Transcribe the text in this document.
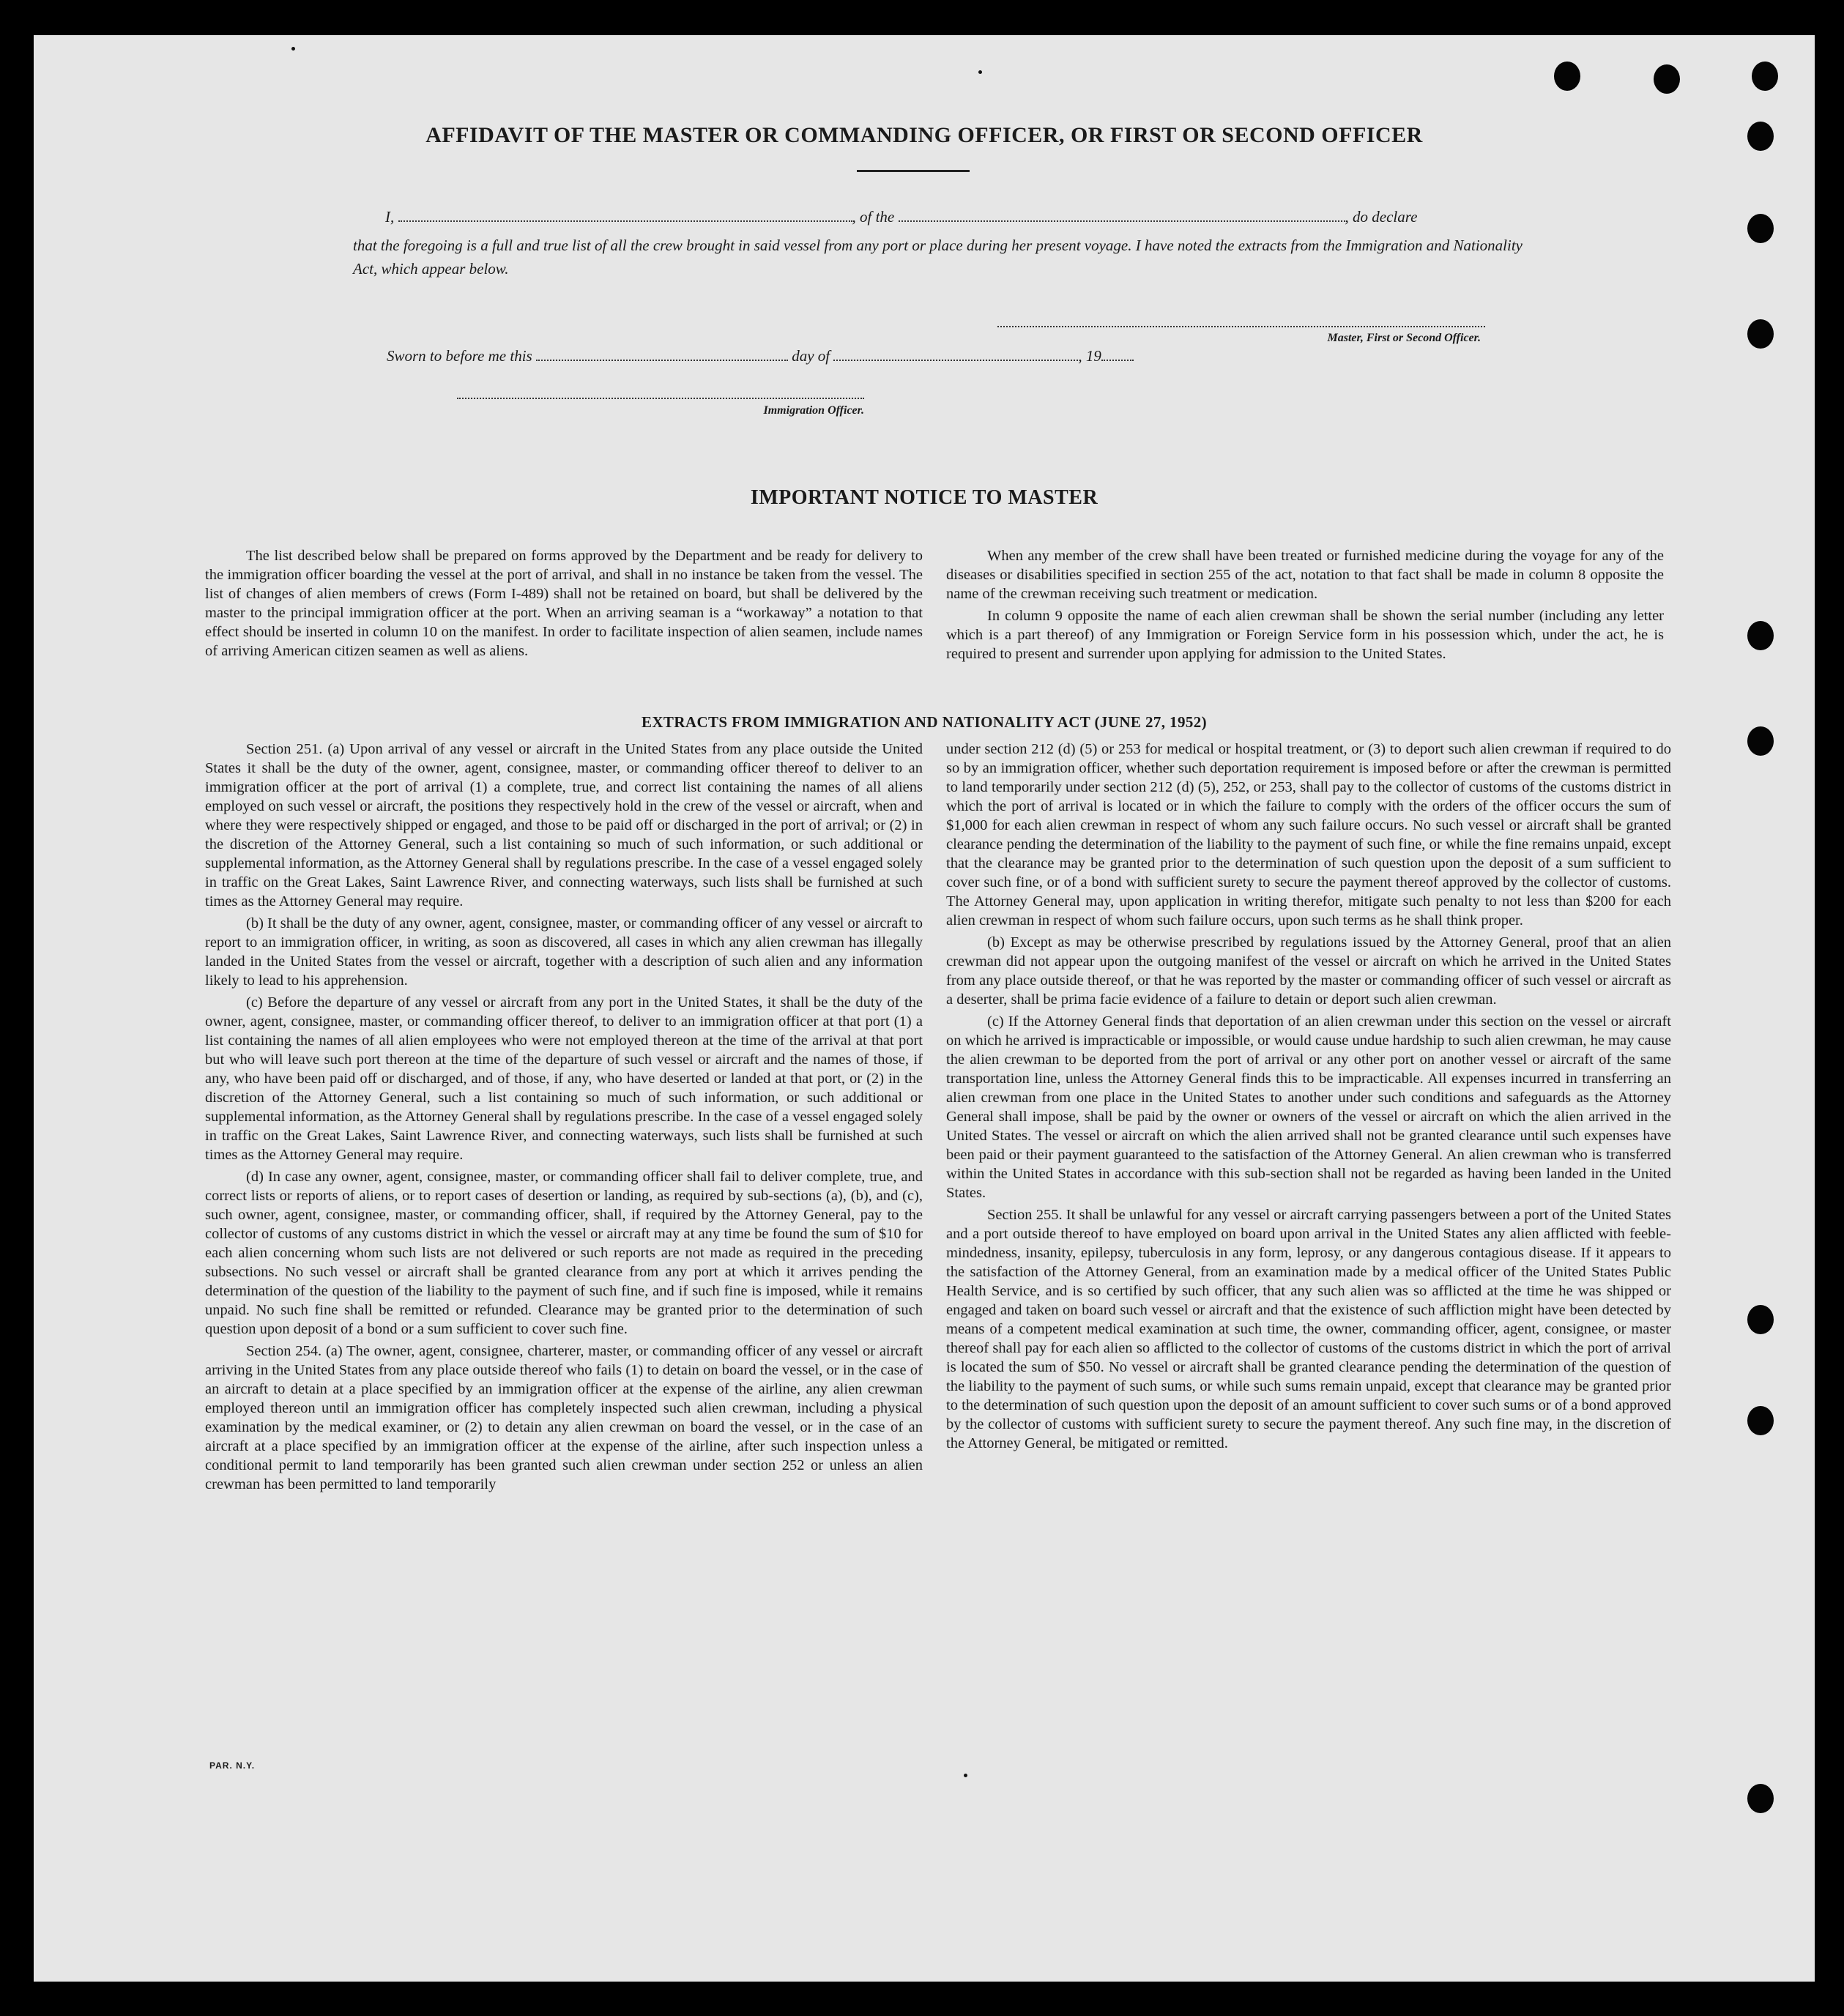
AFFIDAVIT OF THE MASTER OR COMMANDING OFFICER, OR FIRST OR SECOND OFFICER
I,	, of the	, do declare
that the foregoing is a full and true list of all the crew brought in said vessel from any port or place during her present voyage. I have noted the extracts from the Immigration and Nationality Act, which appear below.
Master, First or Second Officer.
Sworn to before me this	day of	, 19
Immigration Officer.
IMPORTANT NOTICE TO MASTER

The list described below shall be prepared on forms approved by the Department and be ready for delivery to the immigration officer boarding the vessel at the port of arrival, and shall in no instance be taken from the vessel. The list of changes of alien members of crews (Form I-489) shall not be retained on board, but shall be delivered by the master to the principal immigration officer at the port. When an arriving seaman is a “workaway” a notation to that effect should be inserted in column 10 on the manifest. In order to facilitate inspection of alien seamen, include names of arriving American citizen seamen as well as aliens.

When any member of the crew shall have been treated or furnished medicine during the voyage for any of the diseases or disabilities specified in section 255 of the act, notation to that fact shall be made in column 8 opposite the name of the crewman receiving such treatment or medication.

In column 9 opposite the name of each alien crewman shall be shown the serial number (including any letter which is a part thereof) of any Immigration or Foreign Service form in his possession which, under the act, he is required to present and surrender upon applying for admission to the United States.

EXTRACTS FROM IMMIGRATION AND NATIONALITY ACT (JUNE 27, 1952)

Section 251. (a) Upon arrival of any vessel or aircraft in the United States from any place outside the United States it shall be the duty of the owner, agent, consignee, master, or commanding officer thereof to deliver to an immigration officer at the port of arrival (1) a complete, true, and correct list containing the names of all aliens employed on such vessel or aircraft, the positions they respectively hold in the crew of the vessel or aircraft, when and where they were respectively shipped or engaged, and those to be paid off or discharged in the port of arrival; or (2) in the discretion of the Attorney General, such a list containing so much of such information, or such additional or supplemental information, as the Attorney General shall by regulations prescribe. In the case of a vessel engaged solely in traffic on the Great Lakes, Saint Lawrence River, and connecting waterways, such lists shall be furnished at such times as the Attorney General may require.

(b) It shall be the duty of any owner, agent, consignee, master, or commanding officer of any vessel or aircraft to report to an immigration officer, in writing, as soon as discovered, all cases in which any alien crewman has illegally landed in the United States from the vessel or aircraft, together with a description of such alien and any information likely to lead to his apprehension.

(c) Before the departure of any vessel or aircraft from any port in the United States, it shall be the duty of the owner, agent, consignee, master, or commanding officer thereof, to deliver to an immigration officer at that port (1) a list containing the names of all alien employees who were not employed thereon at the time of the arrival at that port but who will leave such port thereon at the time of the departure of such vessel or aircraft and the names of those, if any, who have been paid off or discharged, and of those, if any, who have deserted or landed at that port, or (2) in the discretion of the Attorney General, such a list containing so much of such information, or such additional or supplemental information, as the Attorney General shall by regulations prescribe. In the case of a vessel engaged solely in traffic on the Great Lakes, Saint Lawrence River, and connecting waterways, such lists shall be furnished at such times as the Attorney General may require.

(d) In case any owner, agent, consignee, master, or commanding officer shall fail to deliver complete, true, and correct lists or reports of aliens, or to report cases of desertion or landing, as required by sub-sections (a), (b), and (c), such owner, agent, consignee, master, or commanding officer, shall, if required by the Attorney General, pay to the collector of customs of any customs district in which the vessel or aircraft may at any time be found the sum of $10 for each alien concerning whom such lists are not delivered or such reports are not made as required in the preceding subsections. No such vessel or aircraft shall be granted clearance from any port at which it arrives pending the determination of the question of the liability to the payment of such fine, and if such fine is imposed, while it remains unpaid. No such fine shall be remitted or refunded. Clearance may be granted prior to the determination of such question upon deposit of a bond or a sum sufficient to cover such fine.

Section 254. (a) The owner, agent, consignee, charterer, master, or commanding officer of any vessel or aircraft arriving in the United States from any place outside thereof who fails (1) to detain on board the vessel, or in the case of an aircraft to detain at a place specified by an immigration officer at the expense of the airline, any alien crewman employed thereon until an immigration officer has completely inspected such alien crewman, including a physical examination by the medical examiner, or (2) to detain any alien crewman on board the vessel, or in the case of an aircraft at a place specified by an immigration officer at the expense of the airline, after such inspection unless a conditional permit to land temporarily has been granted such alien crewman under section 252 or unless an alien crewman has been permitted to land temporarily

under section 212 (d) (5) or 253 for medical or hospital treatment, or (3) to deport such alien crewman if required to do so by an immigration officer, whether such deportation requirement is imposed before or after the crewman is permitted to land temporarily under section 212 (d) (5), 252, or 253, shall pay to the collector of customs of the customs district in which the port of arrival is located or in which the failure to comply with the orders of the officer occurs the sum of $1,000 for each alien crewman in respect of whom any such failure occurs. No such vessel or aircraft shall be granted clearance pending the determination of the liability to the payment of such fine, or while the fine remains unpaid, except that the clearance may be granted prior to the determination of such question upon the deposit of a sum sufficient to cover such fine, or of a bond with sufficient surety to secure the payment thereof approved by the collector of customs. The Attorney General may, upon application in writing therefor, mitigate such penalty to not less than $200 for each alien crewman in respect of whom such failure occurs, upon such terms as he shall think proper.

(b) Except as may be otherwise prescribed by regulations issued by the Attorney General, proof that an alien crewman did not appear upon the outgoing manifest of the vessel or aircraft on which he arrived in the United States from any place outside thereof, or that he was reported by the master or commanding officer of such vessel or aircraft as a deserter, shall be prima facie evidence of a failure to detain or deport such alien crewman.

(c) If the Attorney General finds that deportation of an alien crewman under this section on the vessel or aircraft on which he arrived is impracticable or impossible, or would cause undue hardship to such alien crewman, he may cause the alien crewman to be deported from the port of arrival or any other port on another vessel or aircraft of the same transportation line, unless the Attorney General finds this to be impracticable. All expenses incurred in transferring an alien crewman from one place in the United States to another under such conditions and safeguards as the Attorney General shall impose, shall be paid by the owner or owners of the vessel or aircraft on which the alien arrived in the United States. The vessel or aircraft on which the alien arrived shall not be granted clearance until such expenses have been paid or their payment guaranteed to the satisfaction of the Attorney General. An alien crewman who is transferred within the United States in accordance with this sub-section shall not be regarded as having been landed in the United States.

Section 255. It shall be unlawful for any vessel or aircraft carrying passengers between a port of the United States and a port outside thereof to have employed on board upon arrival in the United States any alien afflicted with feeble-mindedness, insanity, epilepsy, tuberculosis in any form, leprosy, or any dangerous contagious disease. If it appears to the satisfaction of the Attorney General, from an examination made by a medical officer of the United States Public Health Service, and is so certified by such officer, that any such alien was so afflicted at the time he was shipped or engaged and taken on board such vessel or aircraft and that the existence of such affliction might have been detected by means of a competent medical examination at such time, the owner, commanding officer, agent, consignee, or master thereof shall pay for each alien so afflicted to the collector of customs of the customs district in which the port of arrival is located the sum of $50. No vessel or aircraft shall be granted clearance pending the determination of the question of the liability to the payment of such sums, or while such sums remain unpaid, except that clearance may be granted prior to the determination of such question upon the deposit of an amount sufficient to cover such sums or of a bond approved by the collector of customs with sufficient surety to secure the payment thereof. Any such fine may, in the discretion of the Attorney General, be mitigated or remitted.

PAR. N.Y.
